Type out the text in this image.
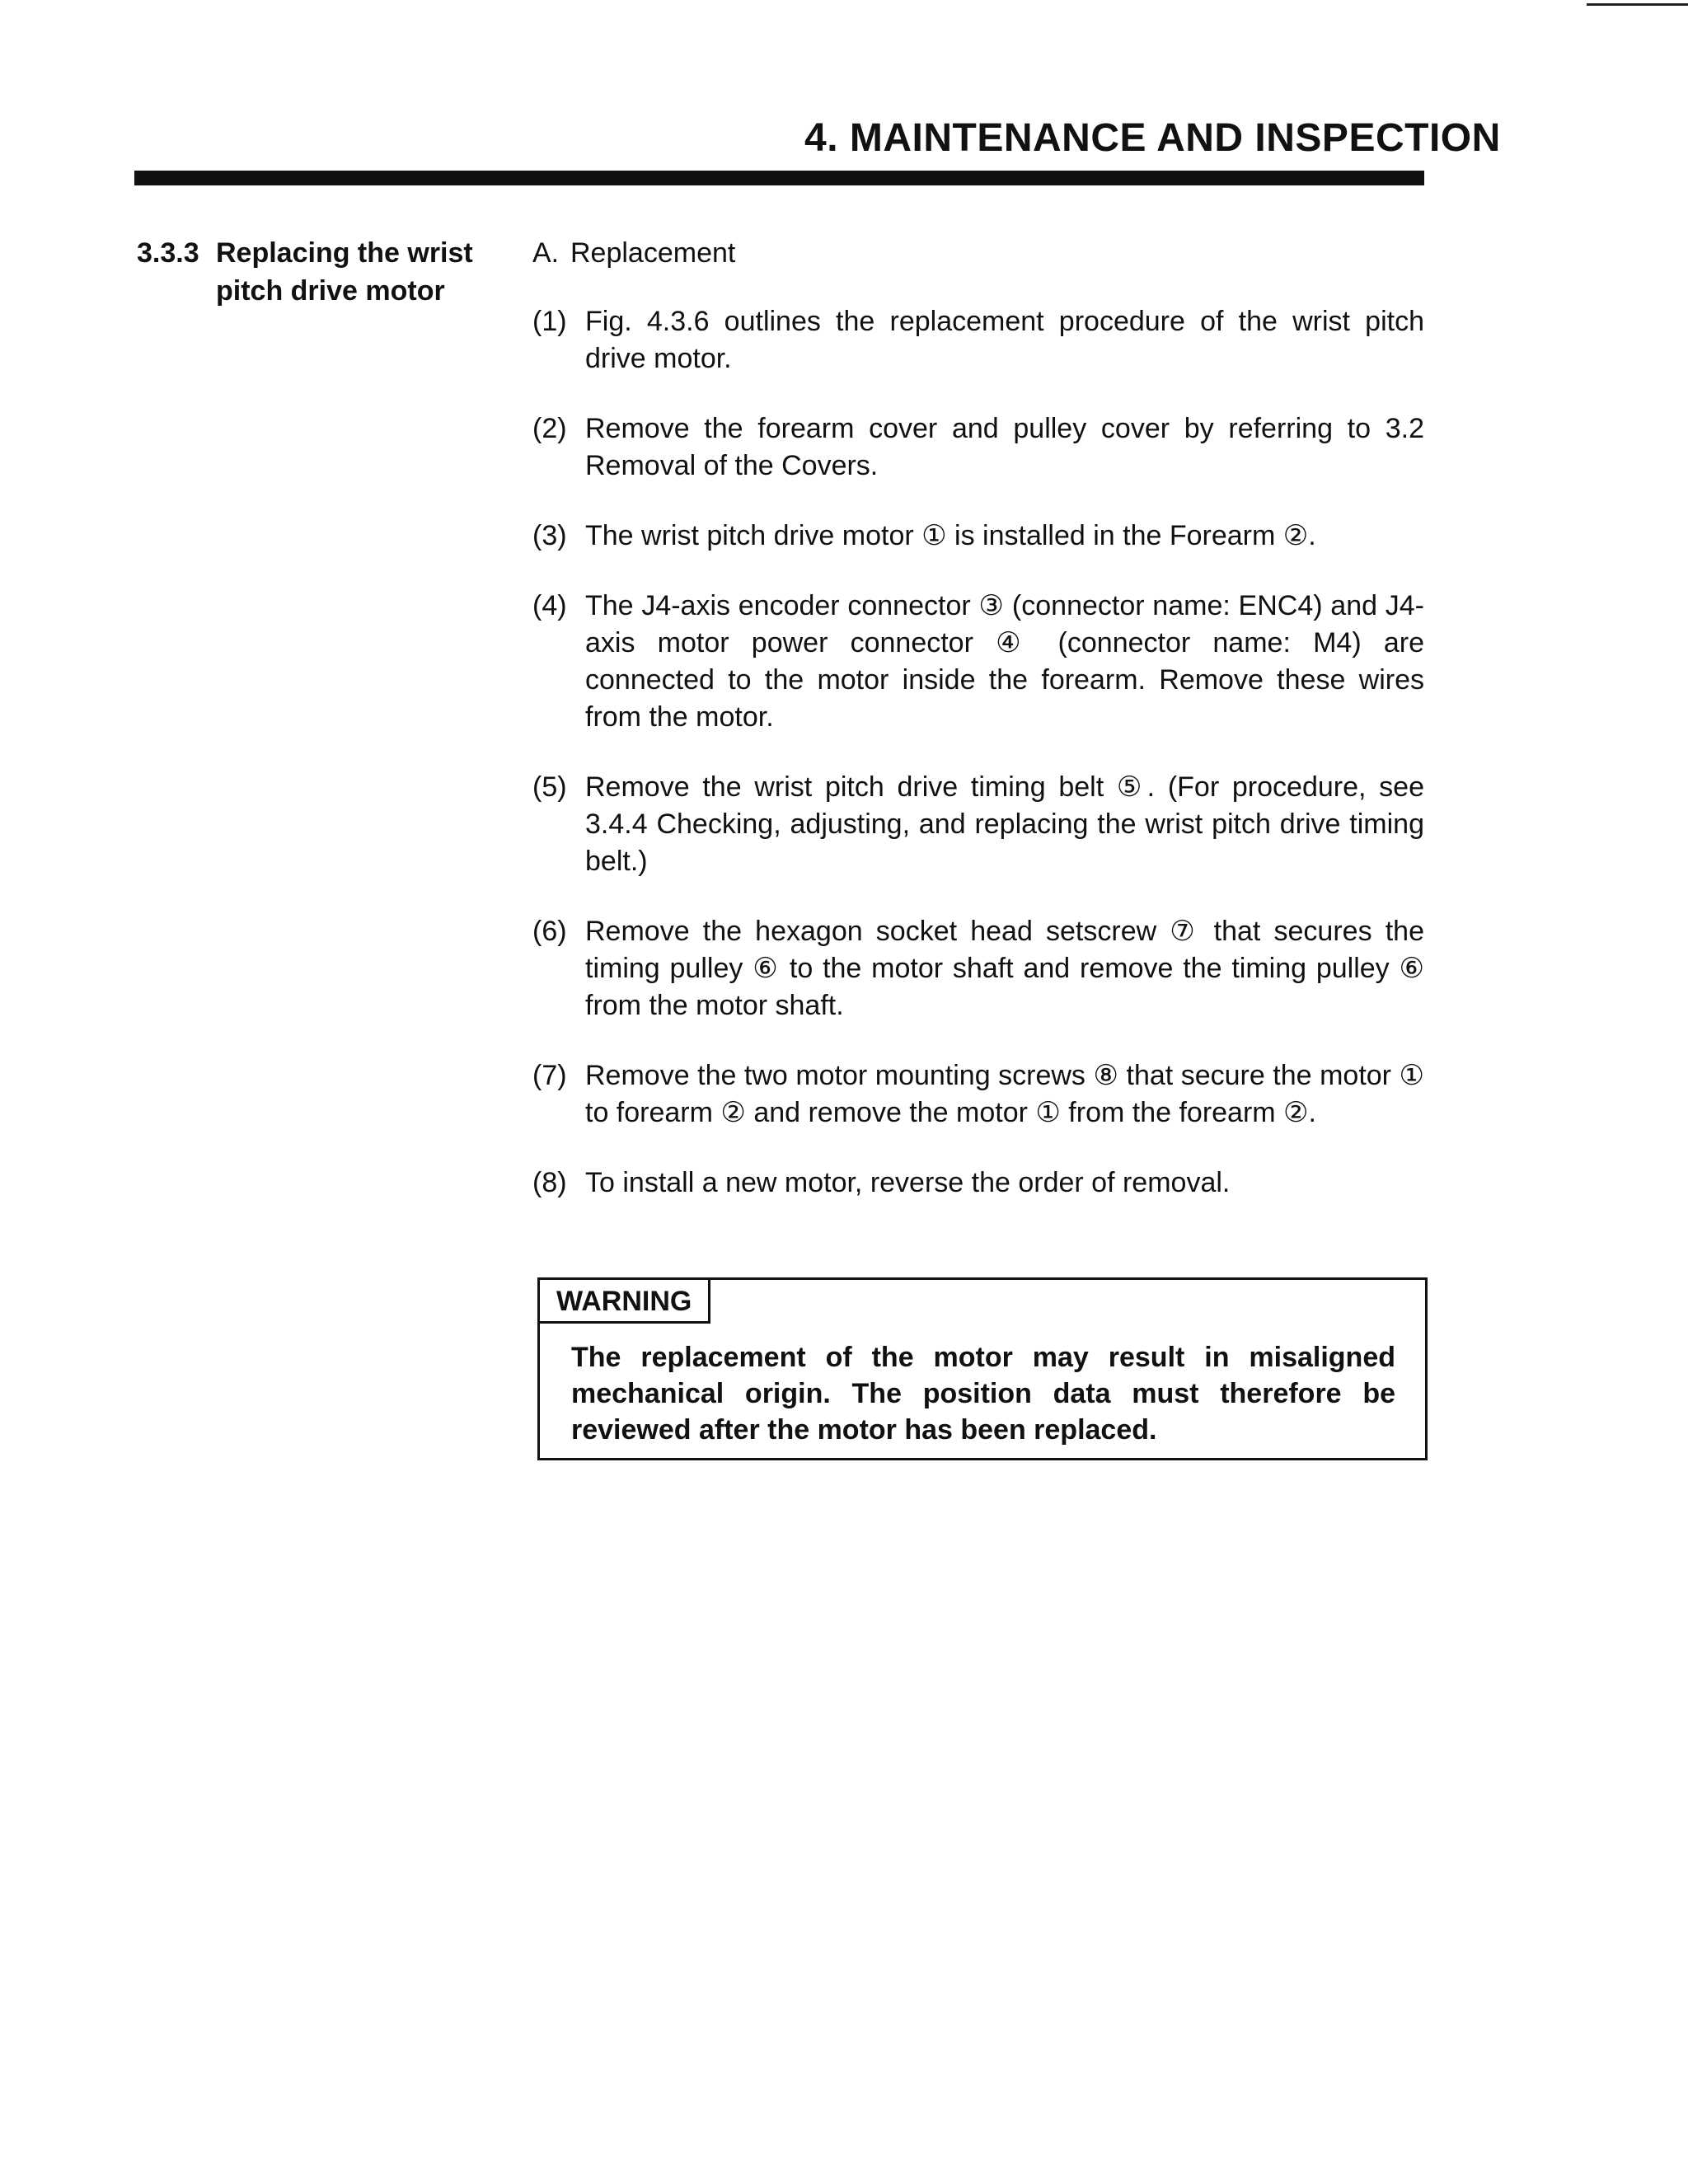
4. MAINTENANCE AND INSPECTION
3.3.3 Replacing the wrist
pitch drive motor
A. Replacement
(1) Fig. 4.3.6 outlines the replacement procedure of the wrist pitch drive motor.
(2) Remove the forearm cover and pulley cover by referring to 3.2 Removal of the Covers.
(3) The wrist pitch drive motor ① is installed in the Forearm ②.
(4) The J4-axis encoder connector ③ (connector name: ENC4) and J4-axis motor power connector ④ (connector name: M4) are connected to the motor inside the forearm. Remove these wires from the motor.
(5) Remove the wrist pitch drive timing belt ⑤. (For procedure, see 3.4.4 Checking, adjusting, and replacing the wrist pitch drive timing belt.)
(6) Remove the hexagon socket head setscrew ⑦ that secures the timing pulley ⑥ to the motor shaft and remove the timing pulley ⑥ from the motor shaft.
(7) Remove the two motor mounting screws ⑧ that secure the motor ① to forearm ② and remove the motor ① from the forearm ②.
(8) To install a new motor, reverse the order of removal.
WARNING
The replacement of the motor may result in misaligned mechanical origin. The position data must therefore be reviewed after the motor has been replaced.
